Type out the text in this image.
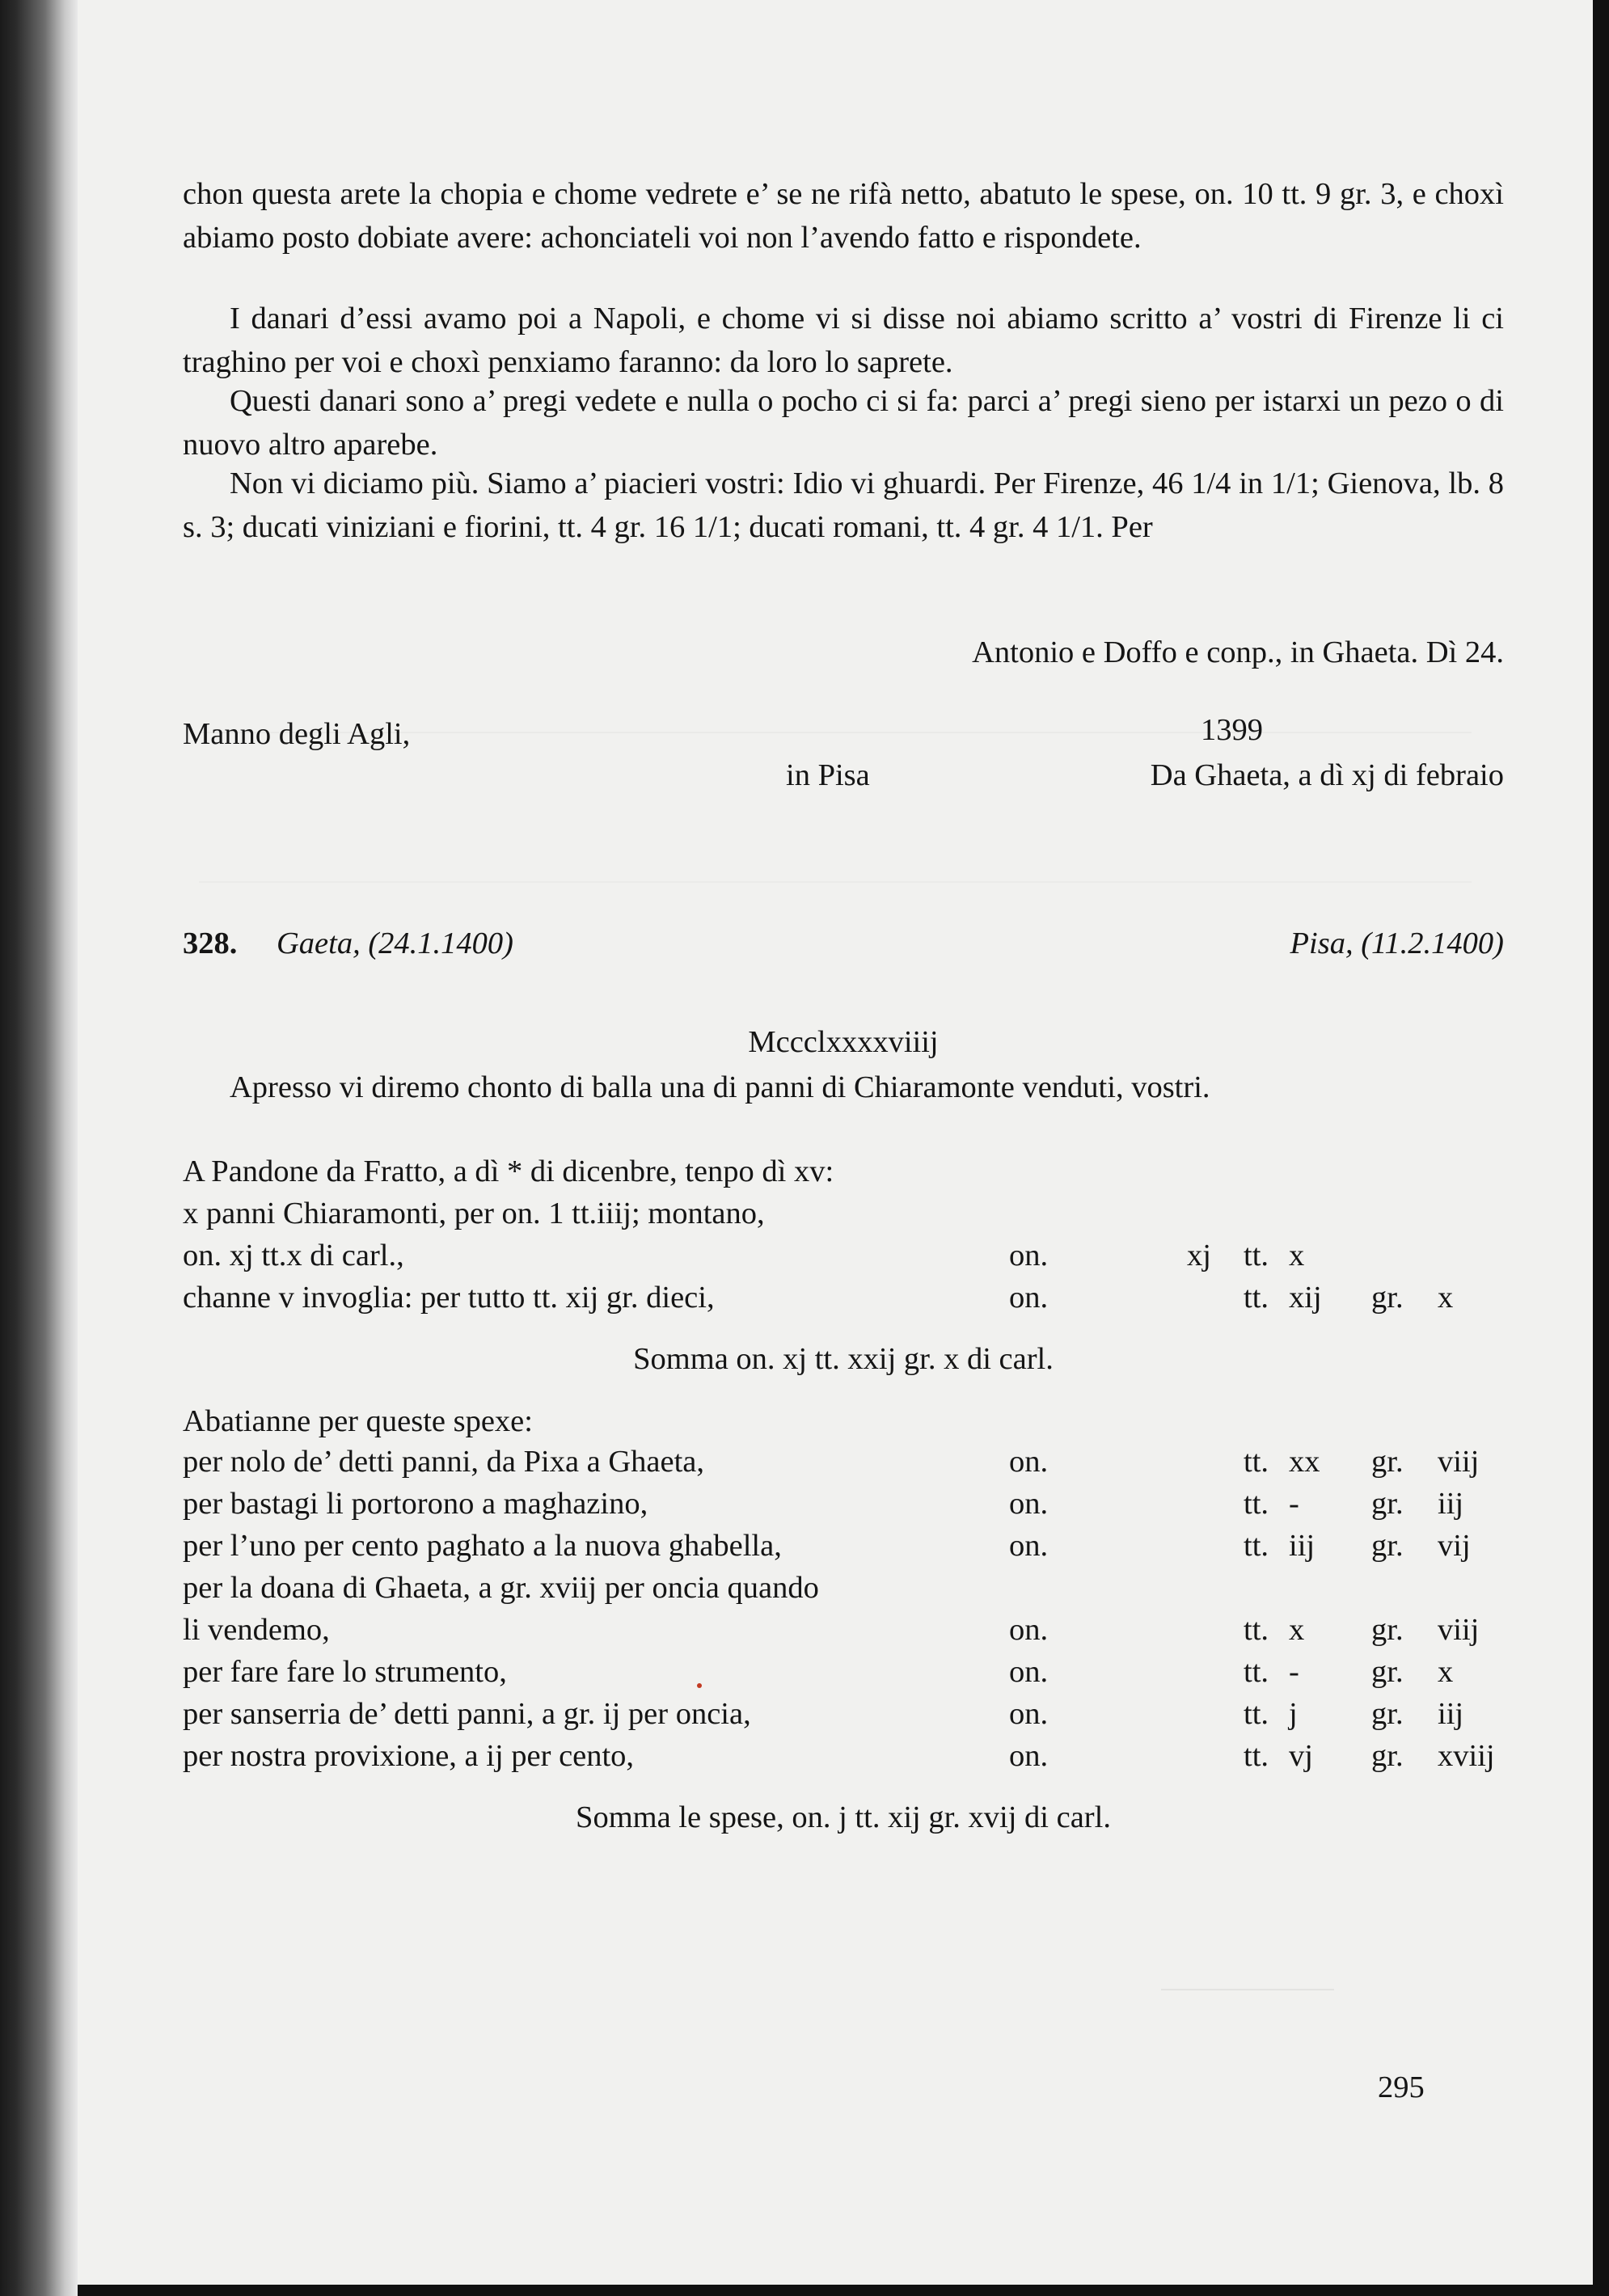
chon questa arete la chopia e chome vedrete e’ se ne rifà netto, abatuto le spese, on. 10 tt. 9 gr. 3, e choxì abiamo posto dobiate avere: achonciateli voi non l’avendo fatto e rispondete.

I danari d’essi avamo poi a Napoli, e chome vi si disse noi abiamo scritto a’ vostri di Firenze li ci traghino per voi e choxì penxiamo faranno: da loro lo saprete.

Questi danari sono a’ pregi vedete e nulla o pocho ci si fa: parci a’ pregi sieno per istarxi un pezo o di nuovo altro aparebe.

Non vi diciamo più. Siamo a’ piacieri vostri: Idio vi ghuardi. Per Firenze, 46 1/4 in 1/1; Gienova, lb. 8 s. 3; ducati viniziani e fiorini, tt. 4 gr. 16 1/1; ducati romani, tt. 4 gr. 4 1/1. Per

Antonio e Doffo e conp., in Ghaeta. Dì 24.
Manno degli Agli,	1399
in Pisa	Da Ghaeta, a dì xj di febraio
328. Gaeta, (24.1.1400)	Pisa, (11.2.1400)
Mccclxxxxviiij
Apresso vi diremo chonto di balla una di panni di Chiaramonte venduti, vostri.
A Pandone da Fratto, a dì * di dicenbre, tenpo dì xv:
x panni Chiaramonti, per on. 1 tt.iiij; montano,
on. xj tt.x di carl.,	on.	xj tt. x
channe v invoglia: per tutto tt. xij gr. dieci,	on.	tt. xij gr. x
Somma on. xj tt. xxij gr. x di carl.
Abatianne per queste spexe:
per nolo de’ detti panni, da Pixa a Ghaeta,	on.	tt. xx gr. viij
per bastagi li portorono a maghazino,	on.	tt. - gr. iij
per l’uno per cento paghato a la nuova ghabella,	on.	tt. iij gr. vij
per la doana di Ghaeta, a gr. xviij per oncia quando
li vendemo,	on.	tt. x gr. viij
per fare fare lo strumento,	on.	tt. - gr. x
per sanserria de’ detti panni, a gr. ij per oncia,	on.	tt. j gr. iij
per nostra provixione, a ij per cento,	on.	tt. vj gr. xviij
Somma le spese, on. j tt. xij gr. xvij di carl.
295
